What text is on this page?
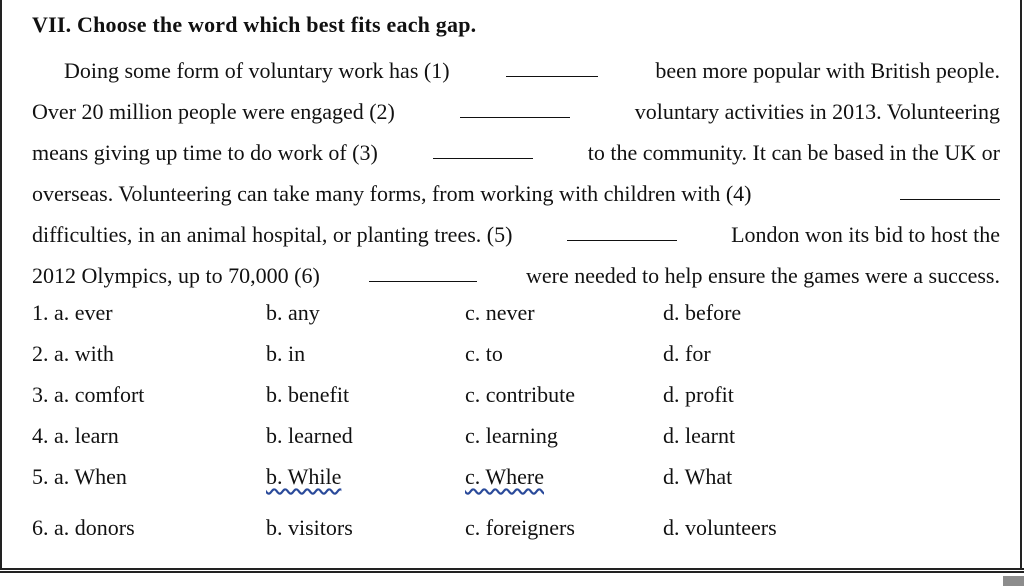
VII. Choose the word which best fits each gap.
Doing some form of voluntary work has (1)	been more popular with British people.
Over 20 million people were engaged (2)	voluntary activities in 2013. Volunteering
means giving up time to do work of (3)	to the community. It can be based in the UK or
overseas. Volunteering can take many forms, from working with children with (4)
difficulties, in an animal hospital, or planting trees. (5)	London won its bid to host the
2012 Olympics, up to 70,000 (6)	were needed to help ensure the games were a success.
1. a. ever	b. any	c. never	d. before
2. a. with	b. in	c. to	d. for
3. a. comfort	b. benefit	c. contribute	d. profit
4. a. learn	b. learned	c. learning	d. learnt
5. a. When	b. While	c. Where	d. What
6. a. donors	b. visitors	c. foreigners	d. volunteers
